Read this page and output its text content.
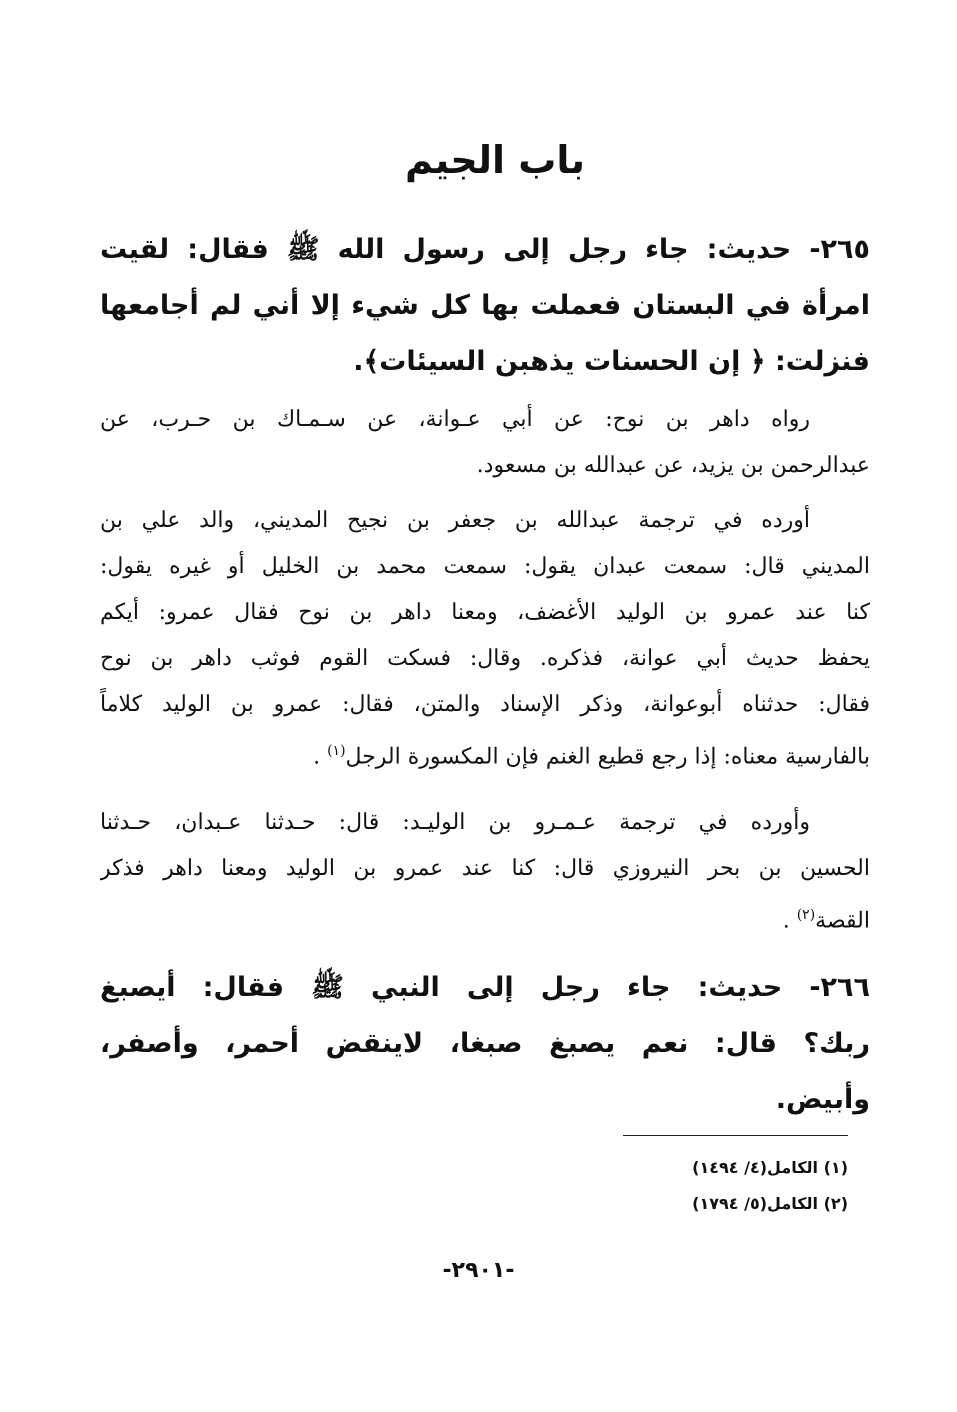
باب الجيم
٢٦٥- حديث: جاء رجل إلى رسول الله ﷺ فقال: لقيت
امرأة في البستان فعملت بها كل شيء إلا أني لم أجامعها
فنزلت: ﴿ إن الحسنات يذهبن السيئات﴾.
رواه داهر بن نوح: عن أبي عـوانة، عن سـمـاك بن حـرب، عن
عبدالرحمن بن يزيد، عن عبدالله بن مسعود.
أورده في ترجمة عبدالله بن جعفر بن نجيح المديني، والد علي بن
المديني قال: سمعت عبدان يقول: سمعت محمد بن الخليل أو غيره يقول:
كنا عند عمرو بن الوليد الأغضف، ومعنا داهر بن نوح فقال عمرو: أيكم
يحفظ حديث أبي عوانة، فذكره. وقال: فسكت القوم فوثب داهر بن نوح
فقال: حدثناه أبوعوانة، وذكر الإسناد والمتن، فقال: عمرو بن الوليد كلاماً
بالفارسية معناه: إذا رجع قطيع الغنم فإن المكسورة الرجل$^{(١)}$ .
وأورده في ترجمة عـمـرو بن الوليـد: قال: حـدثنا عـبدان، حـدثنا
الحسين بن بحر النيروزي قال: كنا عند عمرو بن الوليد ومعنا داهر فذكر
القصة$^{(٢)}$ .
٢٦٦- حديث: جاء رجل إلى النبي ﷺ فقال: أيصبغ
ربك؟ قال: نعم يصبغ صبغا، لاينقض أحمر، وأصفر،
وأبيض.
(١) الكامل(٤/ ١٤٩٤)
(٢) الكامل(٥/ ١٧٩٤)
-٢٩٠١-
